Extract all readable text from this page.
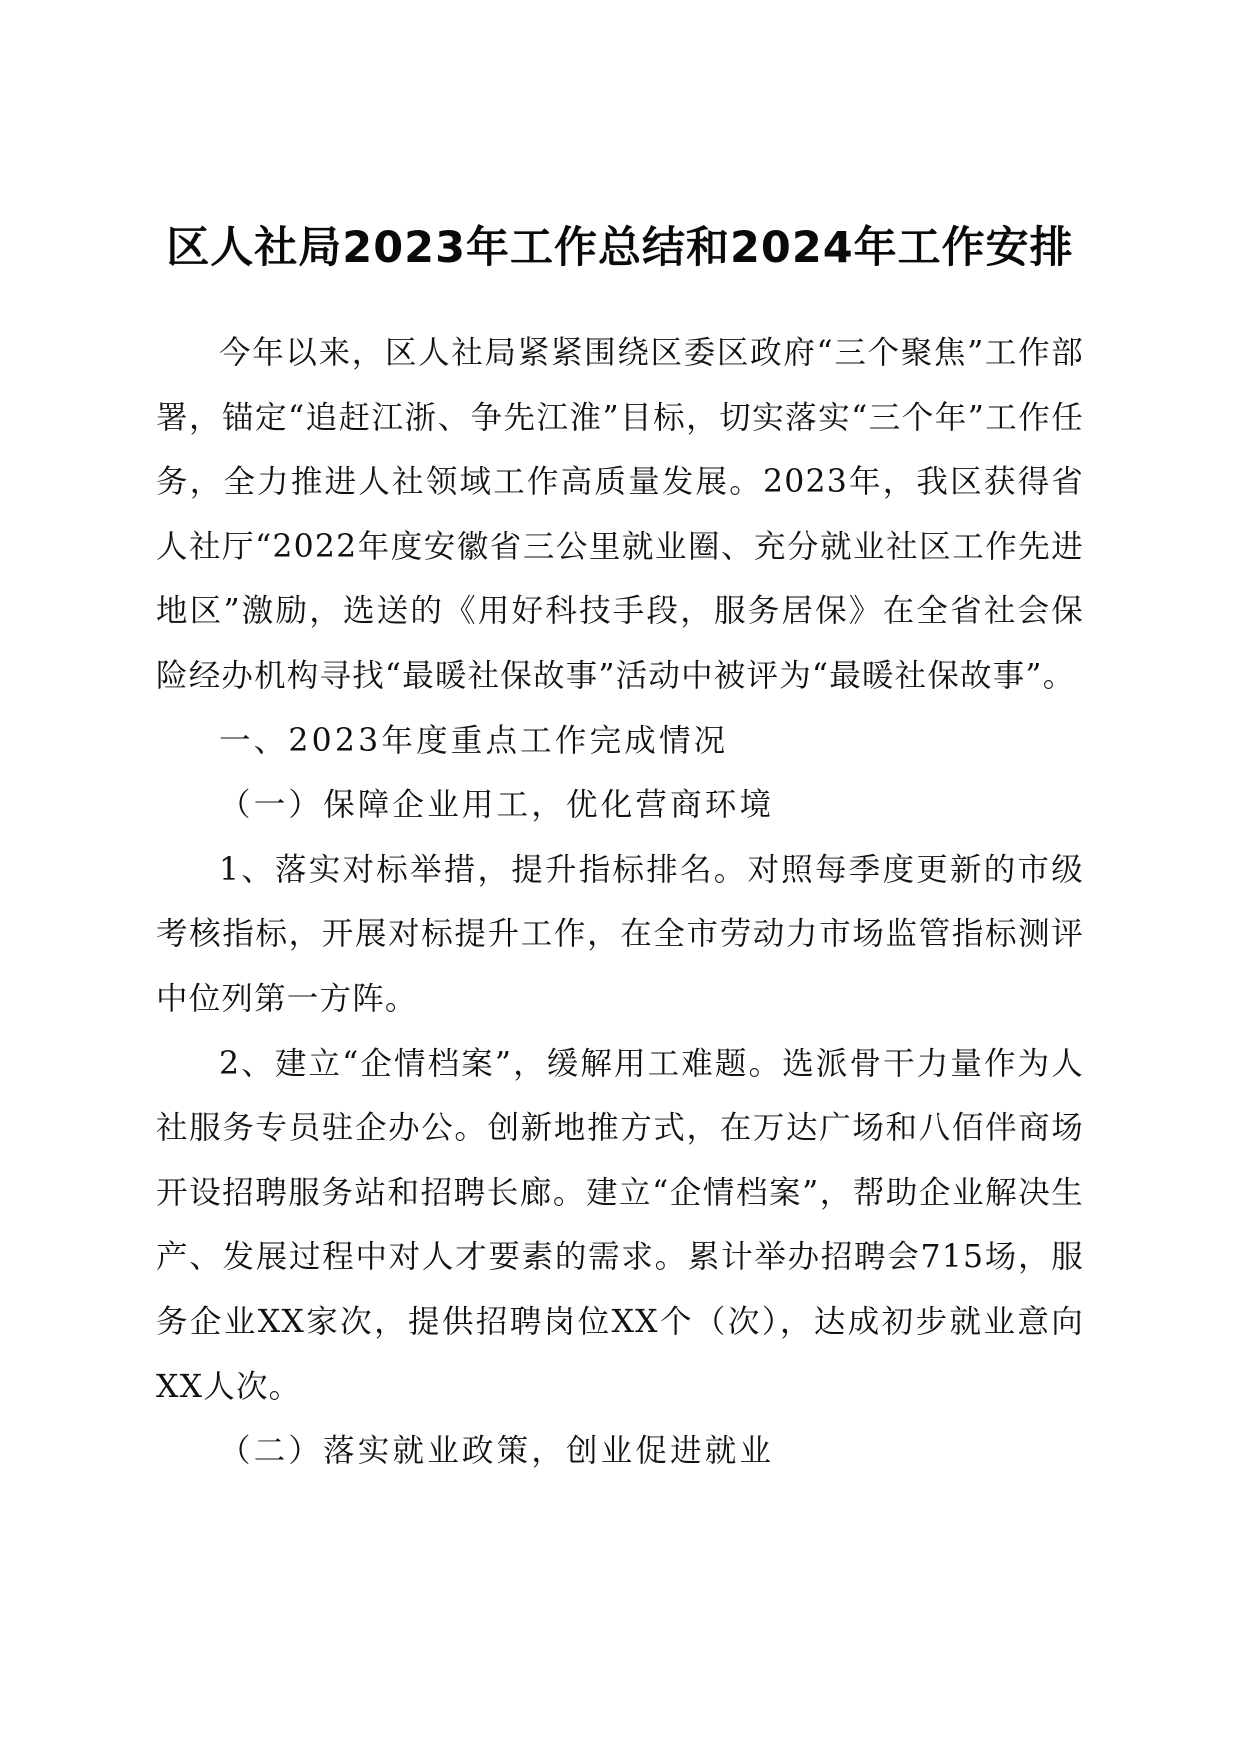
区人社局2023年工作总结和2024年工作安排

今年以来，区人社局紧紧围绕区委区政府“三个聚焦”工作部署，锚定“追赶江浙、争先江淮”目标，切实落实“三个年”工作任务，全力推进人社领域工作高质量发展。2023年，我区获得省人社厅“2022年度安徽省三公里就业圈、充分就业社区工作先进地区”激励，选送的《用好科技手段，服务居保》在全省社会保险经办机构寻找“最暖社保故事”活动中被评为“最暖社保故事”。

一、2023年度重点工作完成情况

（一）保障企业用工，优化营商环境

1、落实对标举措，提升指标排名。对照每季度更新的市级考核指标，开展对标提升工作，在全市劳动力市场监管指标测评中位列第一方阵。

2、建立“企情档案”，缓解用工难题。选派骨干力量作为人社服务专员驻企办公。创新地推方式，在万达广场和八佰伴商场开设招聘服务站和招聘长廊。建立“企情档案”，帮助企业解决生产、发展过程中对人才要素的需求。累计举办招聘会715场，服务企业XX家次，提供招聘岗位XX个（次），达成初步就业意向XX人次。

（二）落实就业政策，创业促进就业
